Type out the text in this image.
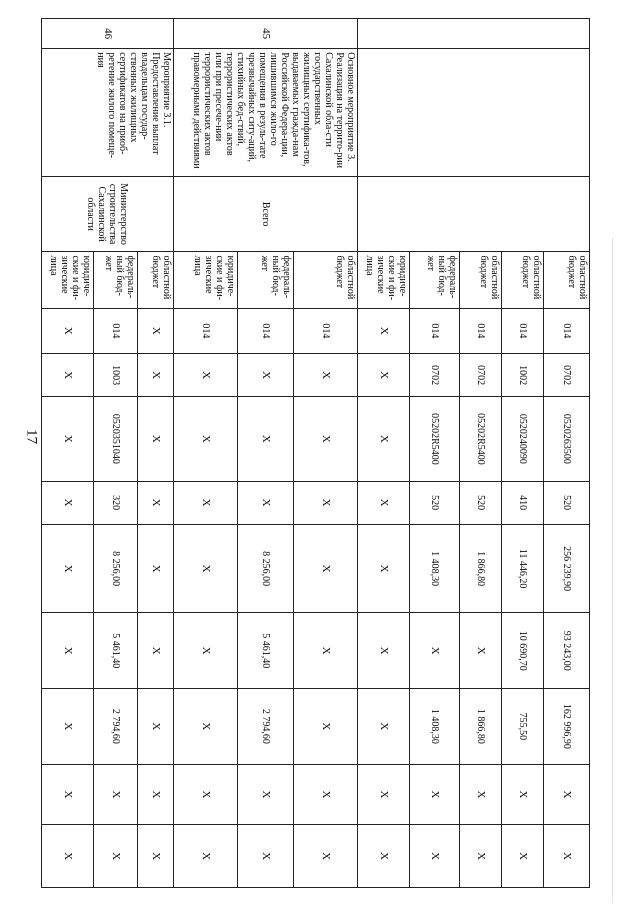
17
			областной бюджет	014	0702	0520263500	520	256 239,90	93 243,00	162 996,90	X	X
			областной бюджет	014	1002	0520240090	410	11 446,20	10 690,70	755,50	X	X
			областной бюджет	014	0702	05202R5400	520	1 866,80	X	1 866,80	X	X
			федераль-ный бюд-жет	014	0702	05202R5400	520	1 408,30	X	1 408,30	X	X
			юридиче-ские и фи-зические лица	X	X	X	X	X	X	X	X	X
45	Основное мероприятие 3. Реализация на террито-рии Сахалинской обла-сти государственных жилищных сертифика-тов, выдаваемых гражда-нам Российской Федера-ции, лишившимся жило-го помещения в резуль-тате чрезвычайных ситу-аций, стихийных бед-ствий, террористических актов или при пресече-нии террористических актов правомерными действиями	Всего	областной бюджет	014	X	X	X	X	X	X	X	X
			федераль-ный бюд-жет	014	X	X	X	8 256,00	5 461,40	2 794,60	X	X
			юридиче-ские и фи-зические лица	014	X	X	X	X	X	X	X	X
46	Мероприятие 3.1. Предоставление выплат владельцам государ-ственных жилищных сертификатов на приоб-ретение жилого помеще-ния	Министерство строительства Сахалинской области	областной бюджет	X	X	X	X	X	X	X	X	X
			федераль-ный бюд-жет	014	1003	0520351040	320	8 256,00	5 461,40	2 794,60	X	X
			юридиче-ские и фи-зические лица	X	X	X	X	X	X	X	X	X
